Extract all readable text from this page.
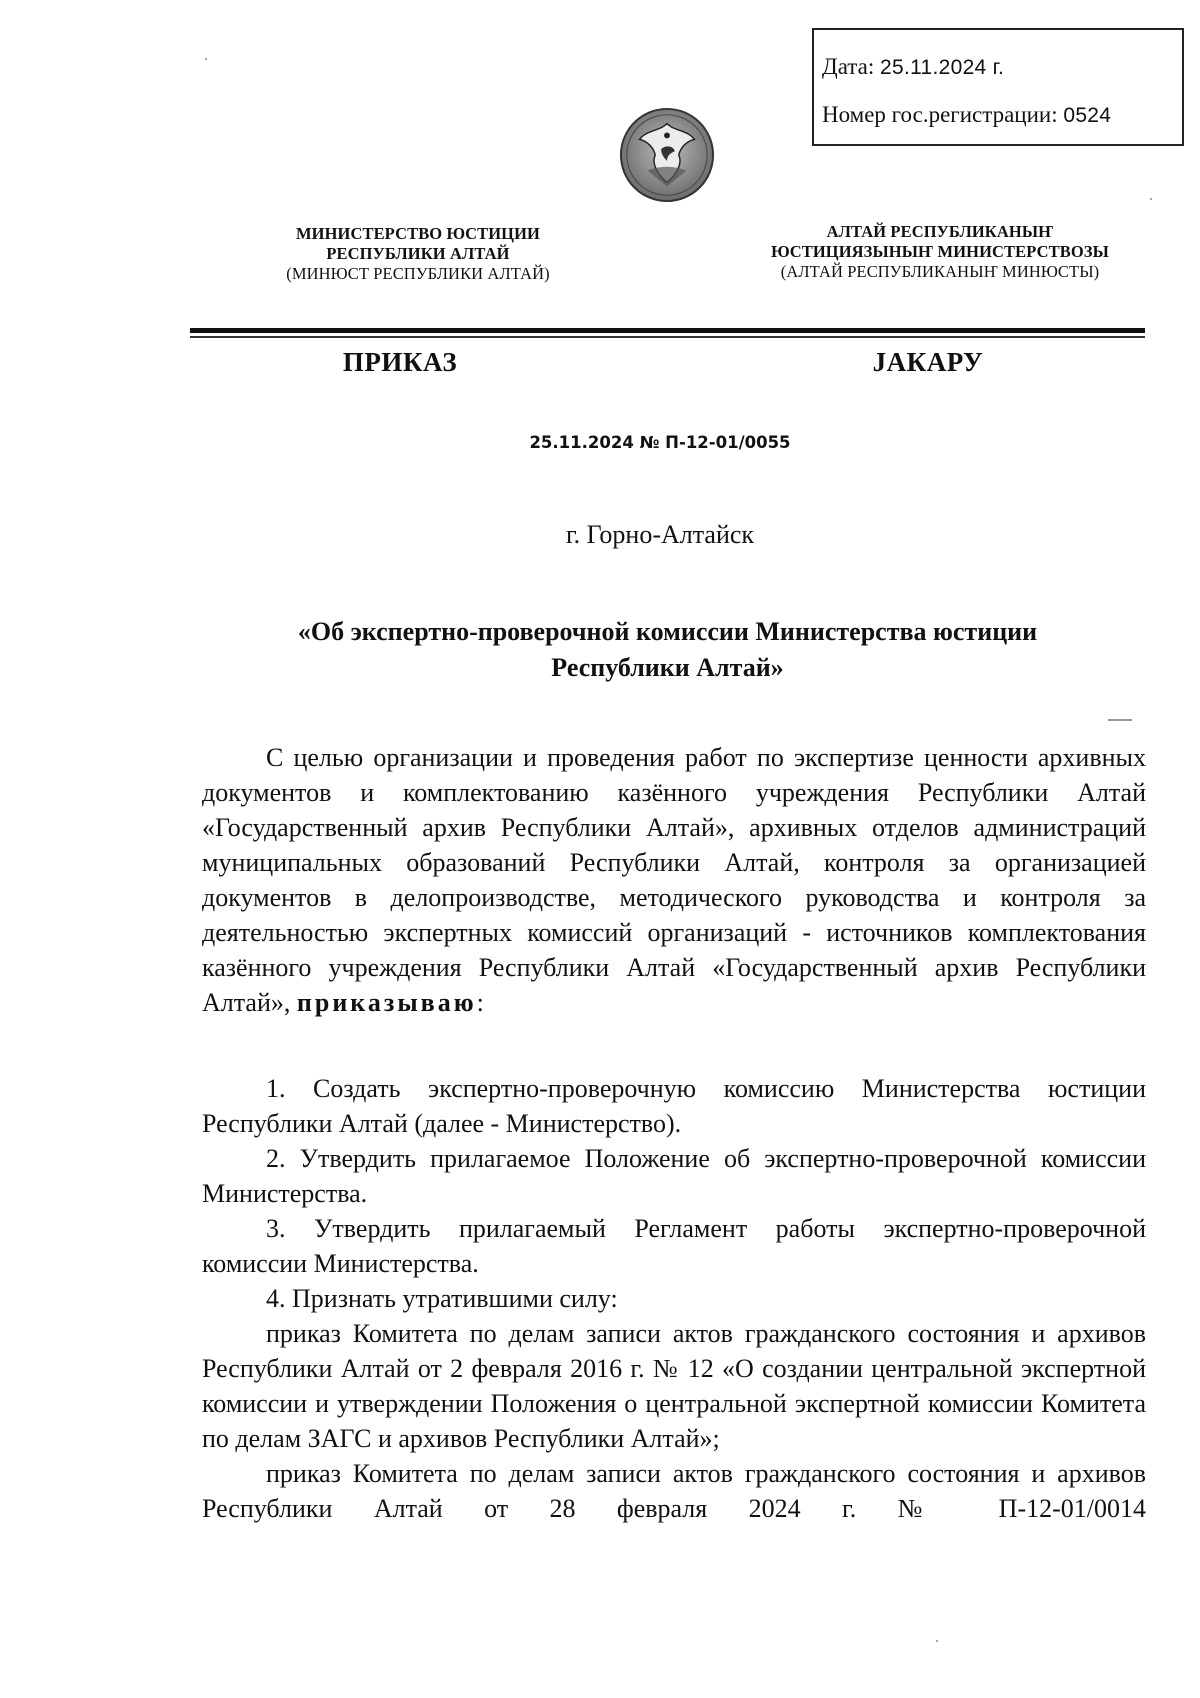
Дата: 25.11.2024 г.
Номер гос.регистрации: 0524
МИНИСТЕРСТВО ЮСТИЦИИ
РЕСПУБЛИКИ АЛТАЙ
(МИНЮСТ РЕСПУБЛИКИ АЛТАЙ)
АЛТАЙ РЕСПУБЛИКАНЫҤ
ЮСТИЦИЯЗЫНЫҤ МИНИСТЕРСТВОЗЫ
(АЛТАЙ РЕСПУБЛИКАНЫҤ МИНЮСТЫ)
ПРИКАЗ	JАКАРУ
25.11.2024 № П-12-01/0055
г. Горно-Алтайск
«Об экспертно-проверочной комиссии Министерства юстиции
Республики Алтай»
С целью организации и проведения работ по экспертизе ценности архивных документов и комплектованию казённого учреждения Республики Алтай «Государственный архив Республики Алтай», архивных отделов администраций муниципальных образований Республики Алтай, контроля за организацией документов в делопроизводстве, методического руководства и контроля за деятельностью экспертных комиссий организаций - источников комплектования казённого учреждения Республики Алтай «Государственный архив Республики Алтай», приказываю:
1. Создать экспертно-проверочную комиссию Министерства юстиции Республики Алтай (далее - Министерство).
2. Утвердить прилагаемое Положение об экспертно-проверочной комиссии Министерства.
3. Утвердить прилагаемый Регламент работы экспертно-проверочной комиссии Министерства.
4. Признать утратившими силу:
приказ Комитета по делам записи актов гражданского состояния и архивов Республики Алтай от 2 февраля 2016 г. № 12 «О создании центральной экспертной комиссии и утверждении Положения о центральной экспертной комиссии Комитета по делам ЗАГС и архивов Республики Алтай»;
приказ Комитета по делам записи актов гражданского состояния и архивов Республики Алтай от 28 февраля 2024 г. № П-12-01/0014
